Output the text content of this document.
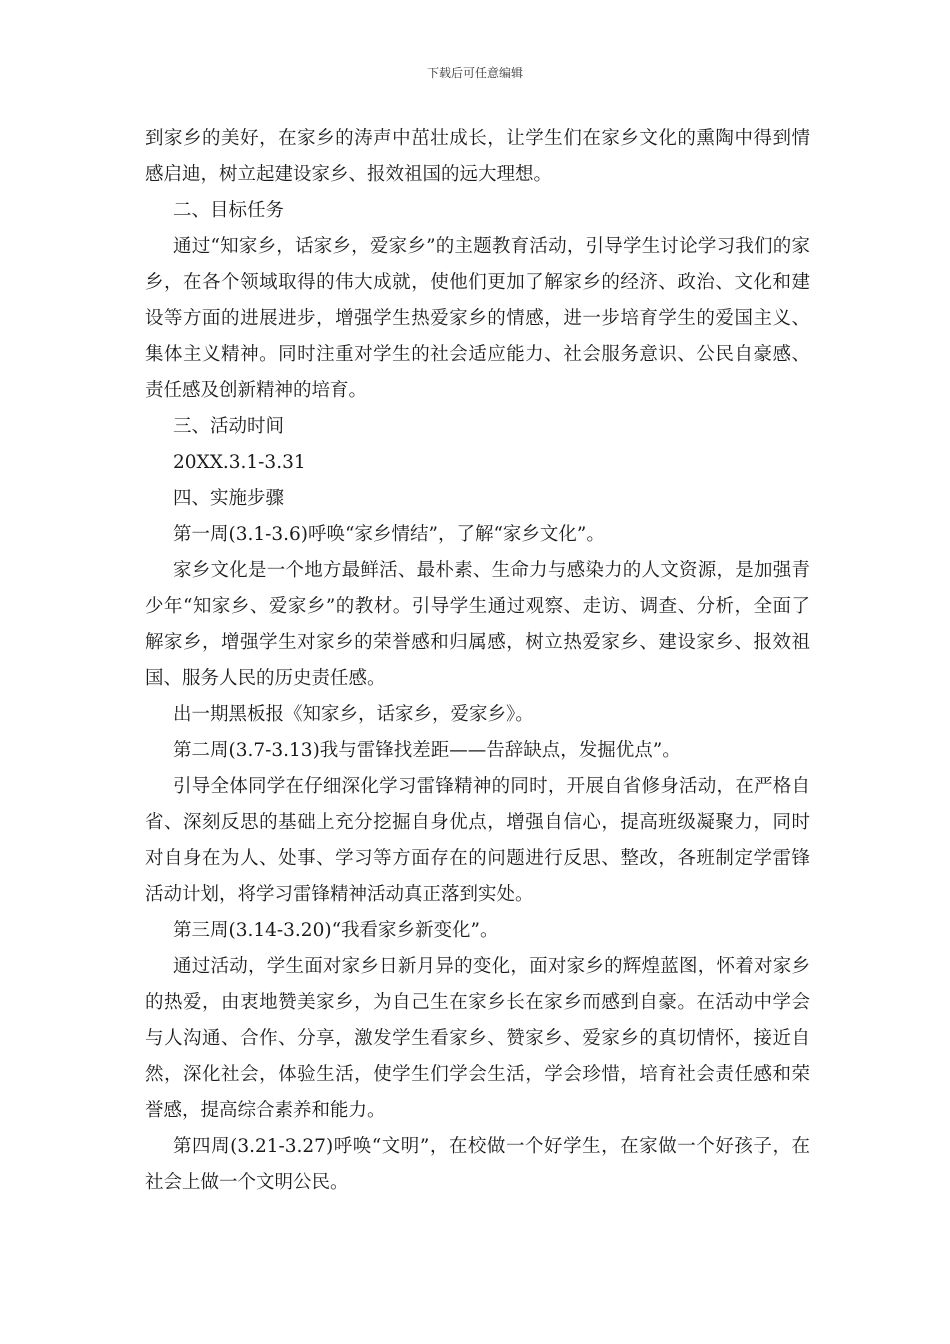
下载后可任意编辑

到家乡的美好，在家乡的涛声中茁壮成长，让学生们在家乡文化的熏陶中得到情感启迪，树立起建设家乡、报效祖国的远大理想。

二、目标任务

通过“知家乡，话家乡，爱家乡”的主题教育活动，引导学生讨论学习我们的家乡，在各个领域取得的伟大成就，使他们更加了解家乡的经济、政治、文化和建设等方面的进展进步，增强学生热爱家乡的情感，进一步培育学生的爱国主义、集体主义精神。同时注重对学生的社会适应能力、社会服务意识、公民自豪感、责任感及创新精神的培育。

三、活动时间

20XX.3.1-3.31

四、实施步骤

第一周(3.1-3.6)呼唤“家乡情结”，了解“家乡文化”。

家乡文化是一个地方最鲜活、最朴素、生命力与感染力的人文资源，是加强青少年“知家乡、爱家乡”的教材。引导学生通过观察、走访、调查、分析，全面了解家乡，增强学生对家乡的荣誉感和归属感，树立热爱家乡、建设家乡、报效祖国、服务人民的历史责任感。

出一期黑板报《知家乡，话家乡，爱家乡》。

第二周(3.7-3.13)我与雷锋找差距——告辞缺点，发掘优点”。

引导全体同学在仔细深化学习雷锋精神的同时，开展自省修身活动，在严格自省、深刻反思的基础上充分挖掘自身优点，增强自信心，提高班级凝聚力，同时对自身在为人、处事、学习等方面存在的问题进行反思、整改，各班制定学雷锋活动计划，将学习雷锋精神活动真正落到实处。

第三周(3.14-3.20)“我看家乡新变化”。

通过活动，学生面对家乡日新月异的变化，面对家乡的辉煌蓝图，怀着对家乡的热爱，由衷地赞美家乡，为自己生在家乡长在家乡而感到自豪。在活动中学会与人沟通、合作、分享，激发学生看家乡、赞家乡、爱家乡的真切情怀，接近自然，深化社会，体验生活，使学生们学会生活，学会珍惜，培育社会责任感和荣誉感，提高综合素养和能力。

第四周(3.21-3.27)呼唤“文明”，在校做一个好学生，在家做一个好孩子，在社会上做一个文明公民。
